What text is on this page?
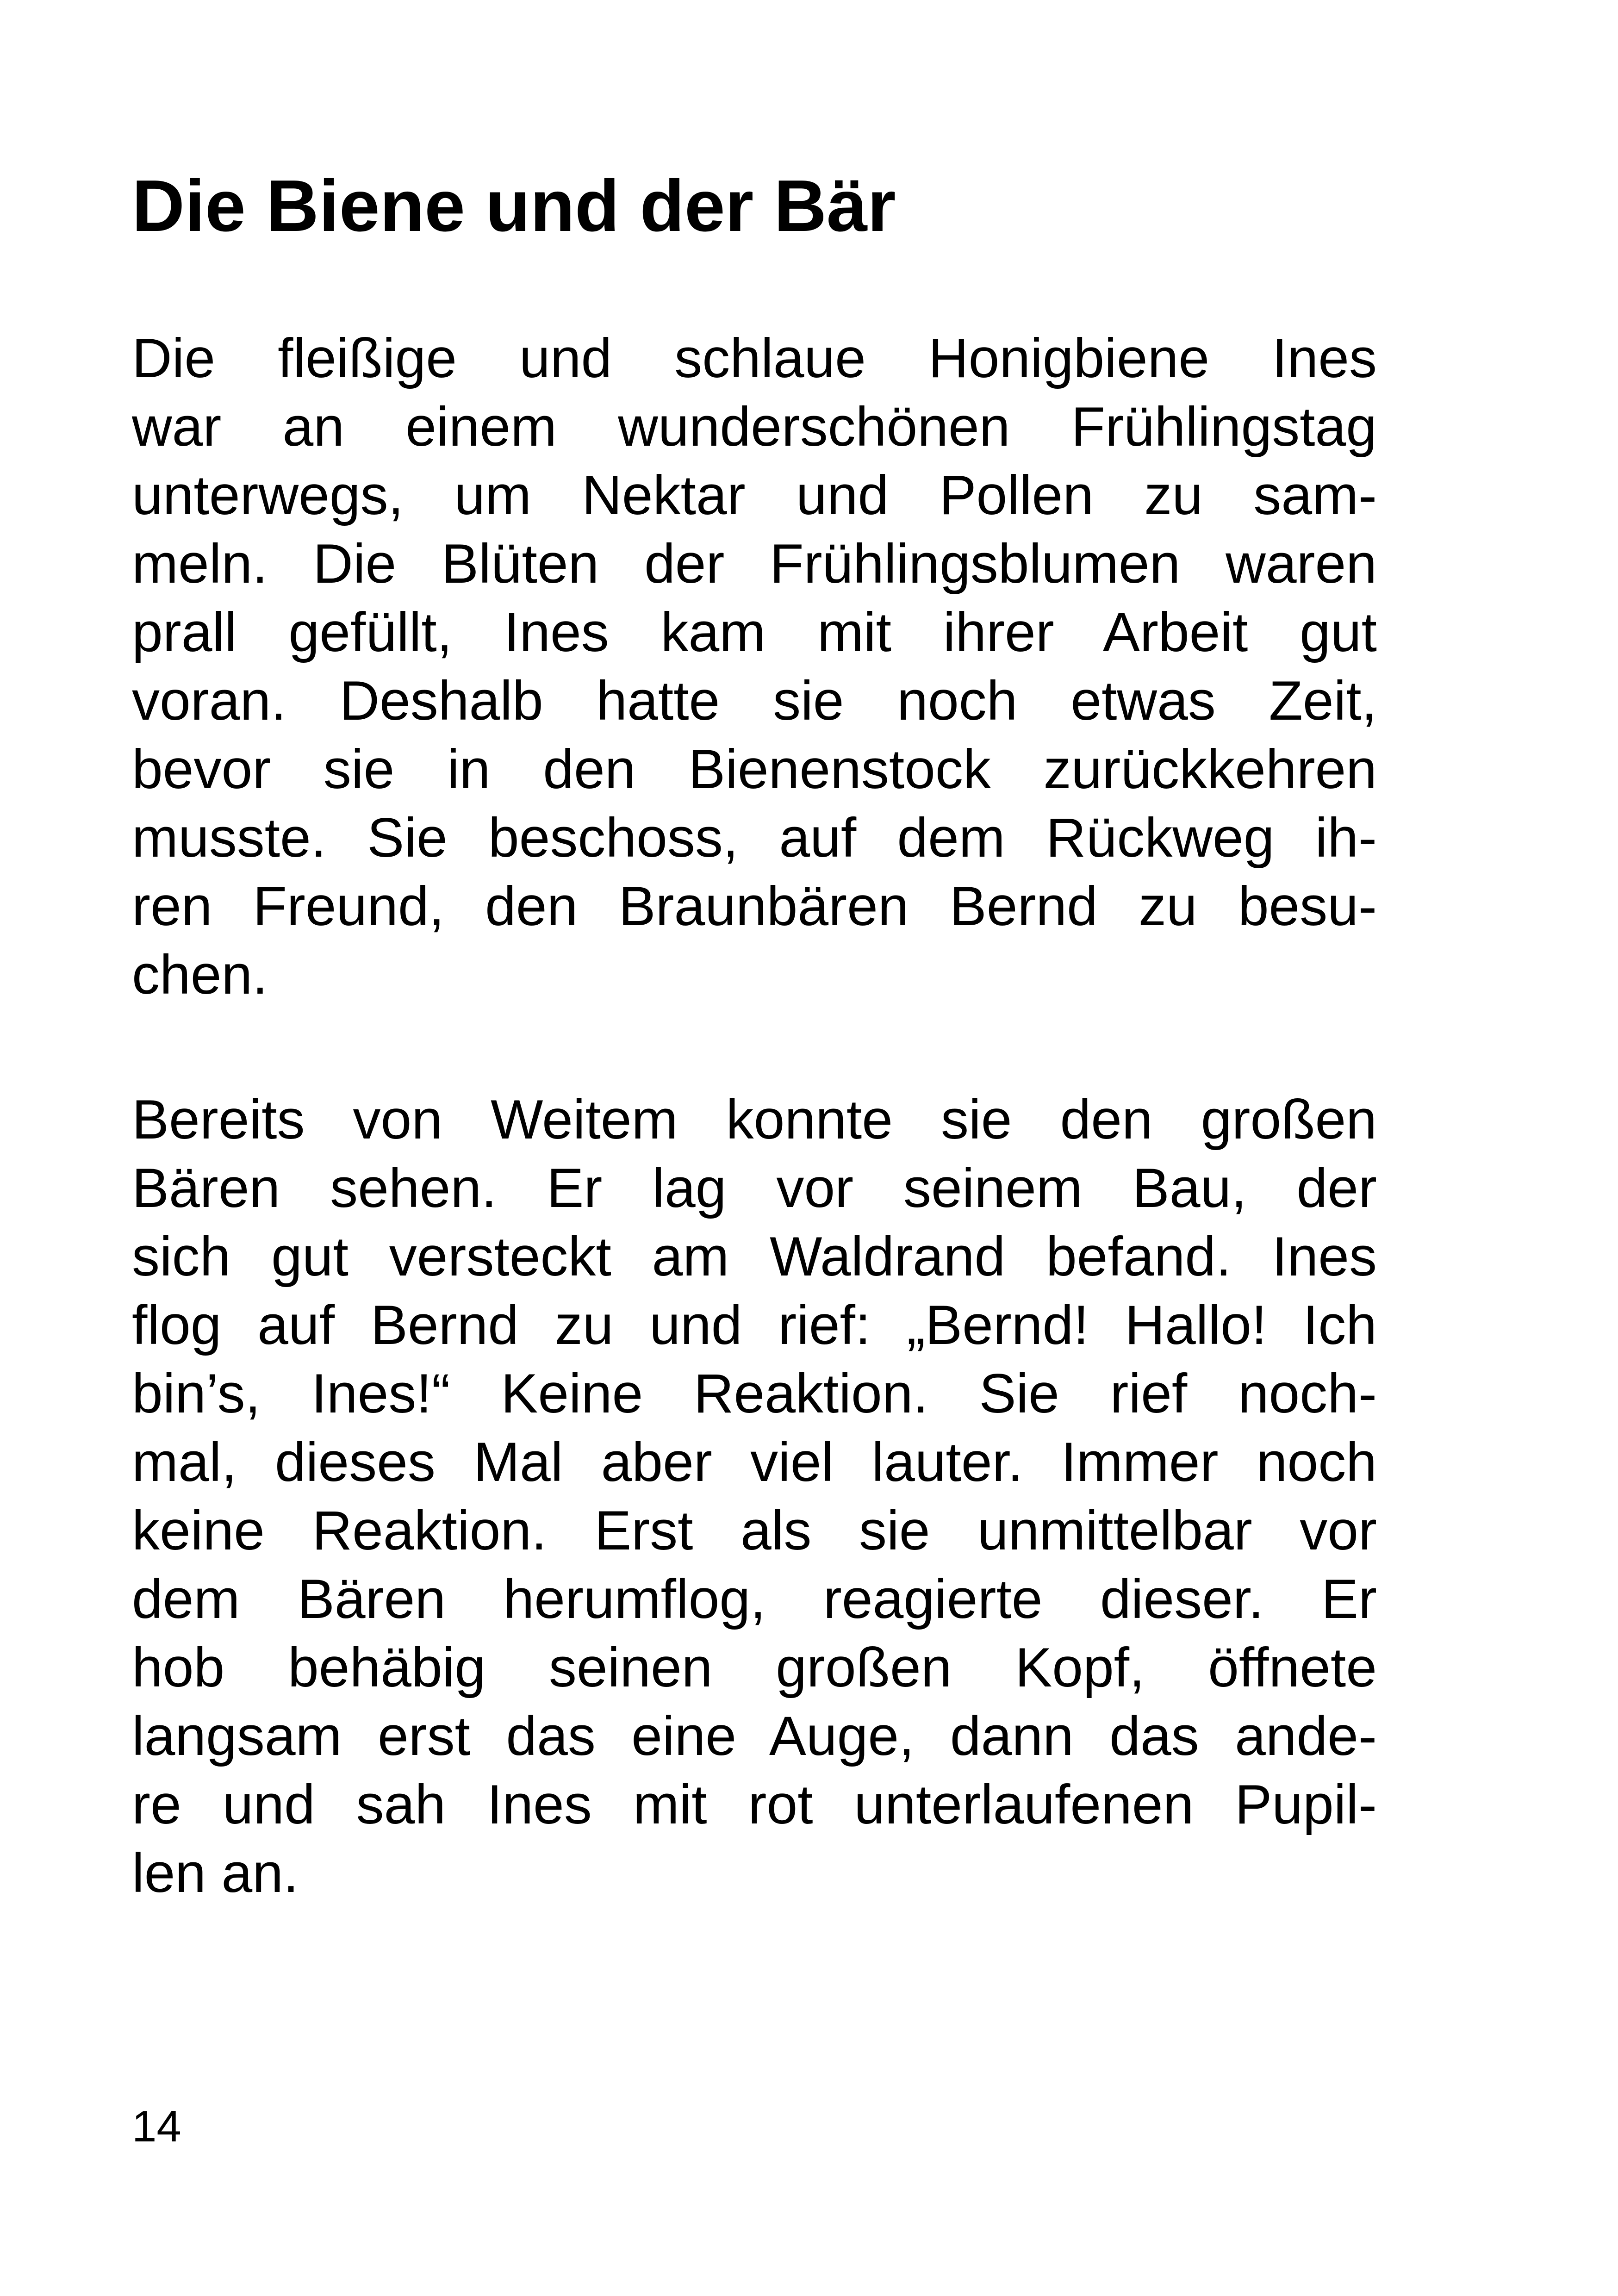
Die Biene und der Bär

Die fleißige und schlaue Honigbiene Ines
war an einem wunderschönen Frühlingstag
unterwegs, um Nektar und Pollen zu sam-
meln. Die Blüten der Frühlingsblumen waren
prall gefüllt, Ines kam mit ihrer Arbeit gut
voran. Deshalb hatte sie noch etwas Zeit,
bevor sie in den Bienenstock zurückkehren
musste. Sie beschoss, auf dem Rückweg ih-
ren Freund, den Braunbären Bernd zu besu-
chen.

Bereits von Weitem konnte sie den großen
Bären sehen. Er lag vor seinem Bau, der
sich gut versteckt am Waldrand befand. Ines
flog auf Bernd zu und rief: „Bernd! Hallo! Ich
bin’s, Ines!“ Keine Reaktion. Sie rief noch-
mal, dieses Mal aber viel lauter. Immer noch
keine Reaktion. Erst als sie unmittelbar vor
dem Bären herumflog, reagierte dieser. Er
hob behäbig seinen großen Kopf, öffnete
langsam erst das eine Auge, dann das ande-
re und sah Ines mit rot unterlaufenen Pupil-
len an.

14
